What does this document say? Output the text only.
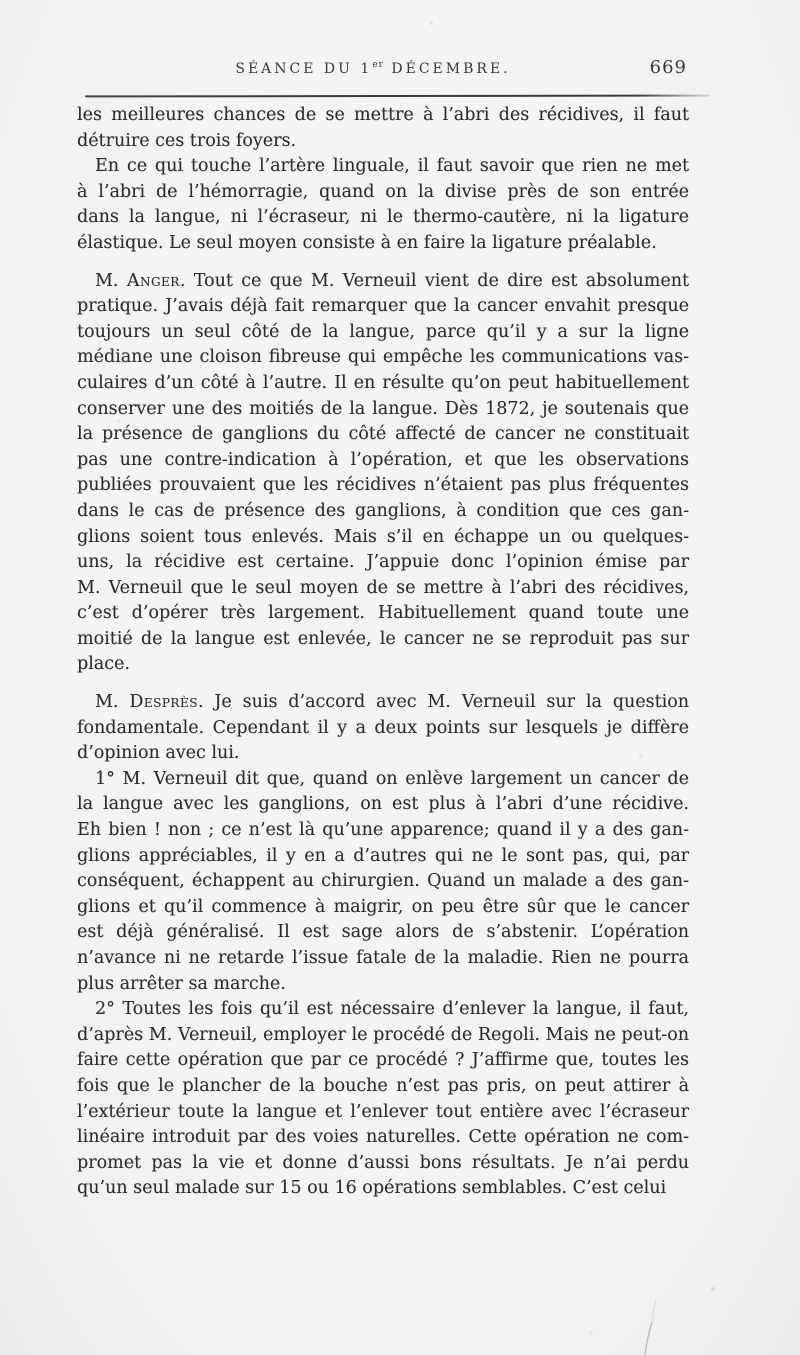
SÉANCE DU 1er DÉCEMBRE.	669
les meilleures chances de se mettre à l’abri des récidives, il faut
détruire ces trois foyers.
En ce qui touche l’artère linguale, il faut savoir que rien ne met
à l’abri de l’hémorragie, quand on la divise près de son entrée
dans la langue, ni l’écraseur, ni le thermo-cautère, ni la ligature
élastique. Le seul moyen consiste à en faire la ligature préalable.
M. Anger. Tout ce que M. Verneuil vient de dire est absolument
pratique. J’avais déjà fait remarquer que la cancer envahit presque
toujours un seul côté de la langue, parce qu’il y a sur la ligne
médiane une cloison fibreuse qui empêche les communications vas-
culaires d’un côté à l’autre. Il en résulte qu’on peut habituellement
conserver une des moitiés de la langue. Dès 1872, je soutenais que
la présence de ganglions du côté affecté de cancer ne constituait
pas une contre-indication à l’opération, et que les observations
publiées prouvaient que les récidives n’étaient pas plus fréquentes
dans le cas de présence des ganglions, à condition que ces gan-
glions soient tous enlevés. Mais s’il en échappe un ou quelques-
uns, la récidive est certaine. J’appuie donc l’opinion émise par
M. Verneuil que le seul moyen de se mettre à l’abri des récidives,
c’est d’opérer très largement. Habituellement quand toute une
moitié de la langue est enlevée, le cancer ne se reproduit pas sur
place.
M. Desprès. Je suis d’accord avec M. Verneuil sur la question
fondamentale. Cependant il y a deux points sur lesquels je diffère
d’opinion avec lui.
1° M. Verneuil dit que, quand on enlève largement un cancer de
la langue avec les ganglions, on est plus à l’abri d’une récidive.
Eh bien ! non ; ce n’est là qu’une apparence; quand il y a des gan-
glions appréciables, il y en a d’autres qui ne le sont pas, qui, par
conséquent, échappent au chirurgien. Quand un malade a des gan-
glions et qu’il commence à maigrir, on peu être sûr que le cancer
est déjà généralisé. Il est sage alors de s’abstenir. L’opération
n’avance ni ne retarde l’issue fatale de la maladie. Rien ne pourra
plus arrêter sa marche.
2° Toutes les fois qu’il est nécessaire d’enlever la langue, il faut,
d’après M. Verneuil, employer le procédé de Regoli. Mais ne peut-on
faire cette opération que par ce procédé ? J’affirme que, toutes les
fois que le plancher de la bouche n’est pas pris, on peut attirer à
l’extérieur toute la langue et l’enlever tout entière avec l’écraseur
linéaire introduit par des voies naturelles. Cette opération ne com-
promet pas la vie et donne d’aussi bons résultats. Je n’ai perdu
qu’un seul malade sur 15 ou 16 opérations semblables. C’est celui
